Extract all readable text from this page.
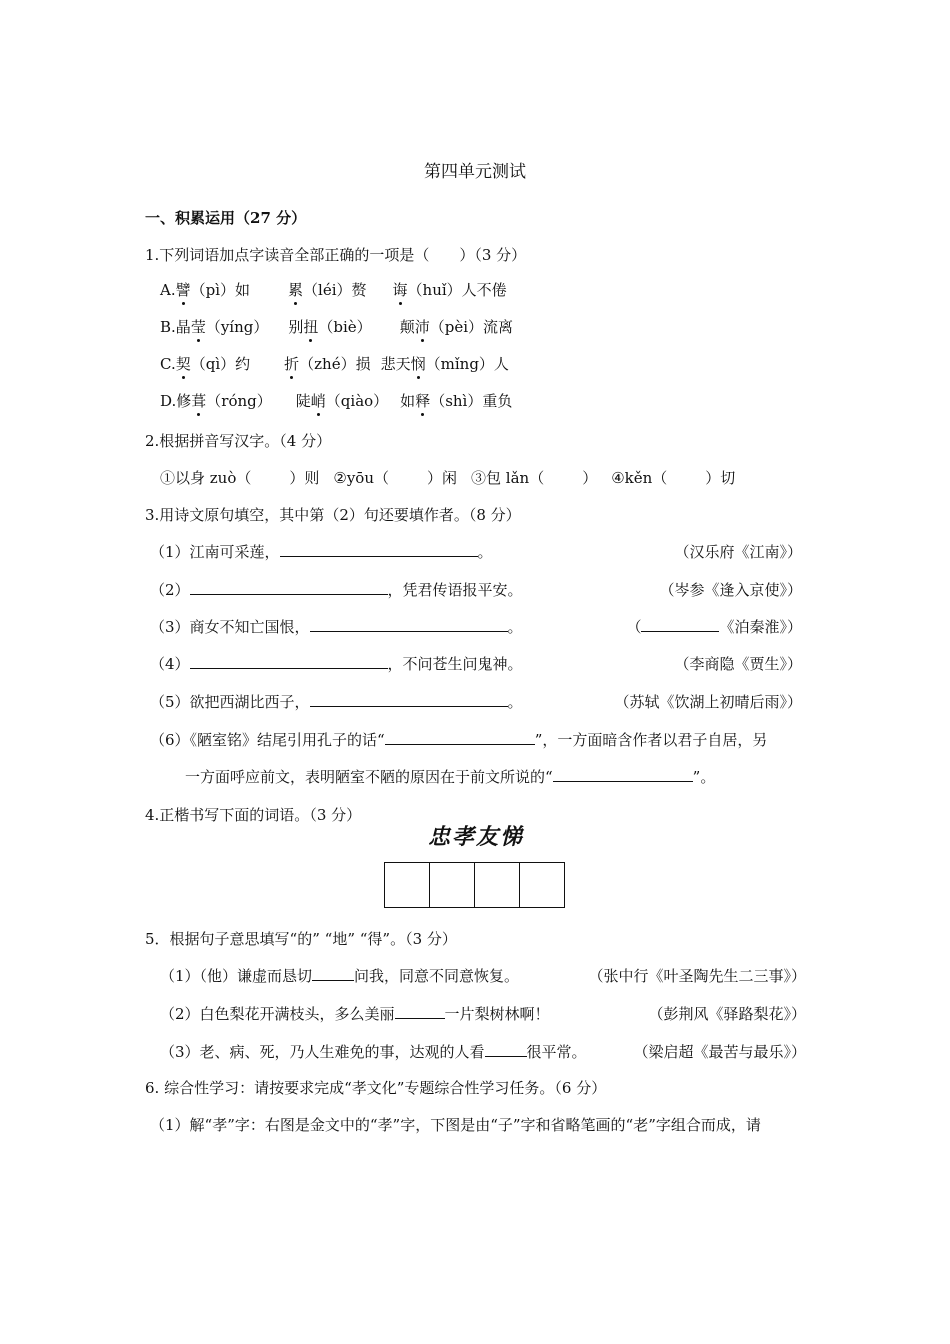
第四单元测试
一、积累运用（27 分）
1.下列词语加点字读音全部正确的一项是（　　）（3 分）
A.譬（pì）如	累（léi）赘 诲（huǐ）人不倦
B.晶莹（yíng） 别扭（biè） 颠沛（pèi）流离
C.契（qì）约 折（zhé）损 悲天悯（mǐng）人
D.修葺（róng） 陡峭（qiào） 如释（shì）重负
2.根据拼音写汉字。（4 分）
①以身 zuò（	）则 ②yōu（	）闲 ③包 lǎn（	） ④kěn（	）切
3.用诗文原句填空，其中第（2）句还要填作者。（8 分）
（1）江南可采莲，	。	（汉乐府《江南》）
（2）	，凭君传语报平安。	（岑参《逢入京使》）
（3）商女不知亡国恨，	。	（	《泊秦淮》）
（4）	，不问苍生问鬼神。	（李商隐《贾生》）
（5）欲把西湖比西子，	。	（苏轼《饮湖上初晴后雨》）
（6）《陋室铭》结尾引用孔子的话“	”，一方面暗含作者以君子自居，另
一方面呼应前文，表明陋室不陋的原因在于前文所说的“	”。
4.正楷书写下面的词语。（3 分）
忠孝友悌
5．根据句子意思填写“的” “地” “得”。（3 分）
（1）（他）谦虚而恳切	问我，同意不同意恢复。	（张中行《叶圣陶先生二三事》）
（2）白色梨花开满枝头，多么美丽	一片梨树林啊！	（彭荆风《驿路梨花》）
（3）老、病、死，乃人生难免的事，达观的人看	很平常。	（梁启超《最苦与最乐》）
6. 综合性学习：请按要求完成“孝文化”专题综合性学习任务。（6 分）
（1）解“孝”字：右图是金文中的“孝”字，下图是由“子”字和省略笔画的“老”字组合而成，请
